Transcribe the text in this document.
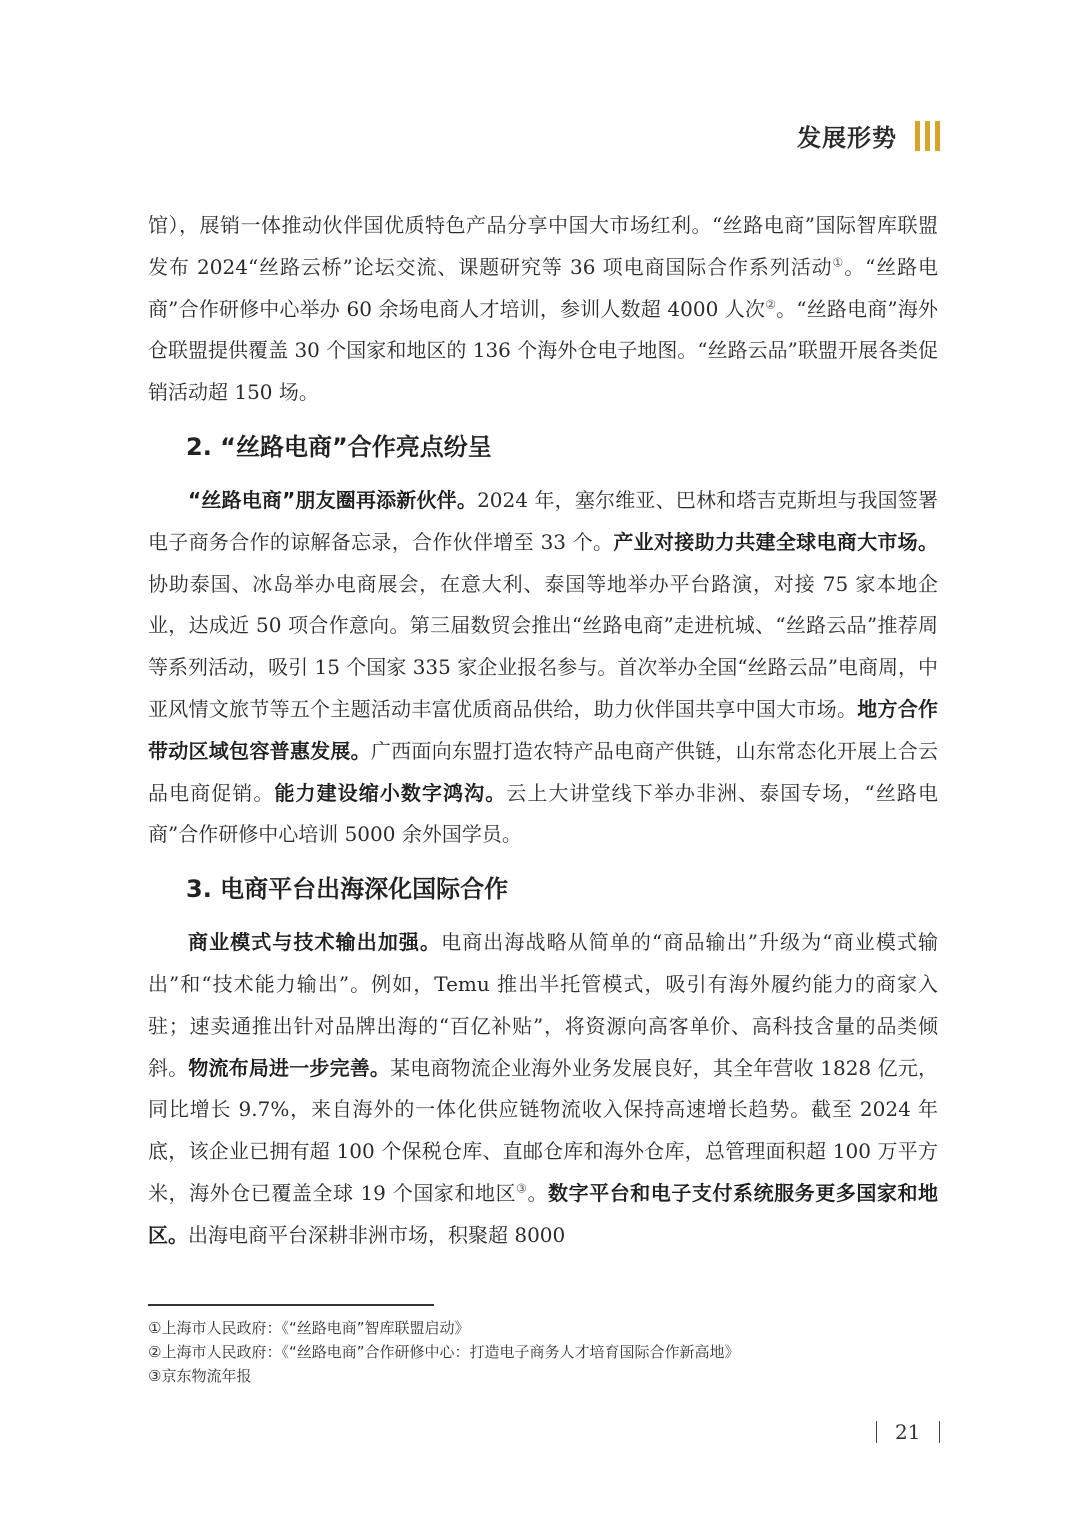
发展形势

馆），展销一体推动伙伴国优质特色产品分享中国大市场红利。“丝路电商”国际智库联盟发布 2024“丝路云桥”论坛交流、课题研究等 36 项电商国际合作系列活动①。“丝路电商”合作研修中心举办 60 余场电商人才培训，参训人数超 4000 人次②。“丝路电商”海外仓联盟提供覆盖 30 个国家和地区的 136 个海外仓电子地图。“丝路云品”联盟开展各类促销活动超 150 场。

2. “丝路电商”合作亮点纷呈

“丝路电商”朋友圈再添新伙伴。2024 年，塞尔维亚、巴林和塔吉克斯坦与我国签署电子商务合作的谅解备忘录，合作伙伴增至 33 个。产业对接助力共建全球电商大市场。协助泰国、冰岛举办电商展会，在意大利、泰国等地举办平台路演，对接 75 家本地企业，达成近 50 项合作意向。第三届数贸会推出“丝路电商”走进杭城、“丝路云品”推荐周等系列活动，吸引 15 个国家 335 家企业报名参与。首次举办全国“丝路云品”电商周，中亚风情文旅节等五个主题活动丰富优质商品供给，助力伙伴国共享中国大市场。地方合作带动区域包容普惠发展。广西面向东盟打造农特产品电商产供链，山东常态化开展上合云品电商促销。能力建设缩小数字鸿沟。云上大讲堂线下举办非洲、泰国专场，“丝路电商”合作研修中心培训 5000 余外国学员。

3. 电商平台出海深化国际合作

商业模式与技术输出加强。电商出海战略从简单的“商品输出”升级为“商业模式输出”和“技术能力输出”。例如，Temu 推出半托管模式，吸引有海外履约能力的商家入驻；速卖通推出针对品牌出海的“百亿补贴”，将资源向高客单价、高科技含量的品类倾斜。物流布局进一步完善。某电商物流企业海外业务发展良好，其全年营收 1828 亿元，同比增长 9.7%，来自海外的一体化供应链物流收入保持高速增长趋势。截至 2024 年底，该企业已拥有超 100 个保税仓库、直邮仓库和海外仓库，总管理面积超 100 万平方米，海外仓已覆盖全球 19 个国家和地区③。数字平台和电子支付系统服务更多国家和地区。出海电商平台深耕非洲市场，积聚超 8000

①上海市人民政府：《“丝路电商”智库联盟启动》
②上海市人民政府：《“丝路电商”合作研修中心：打造电子商务人才培育国际合作新高地》
③京东物流年报
21
